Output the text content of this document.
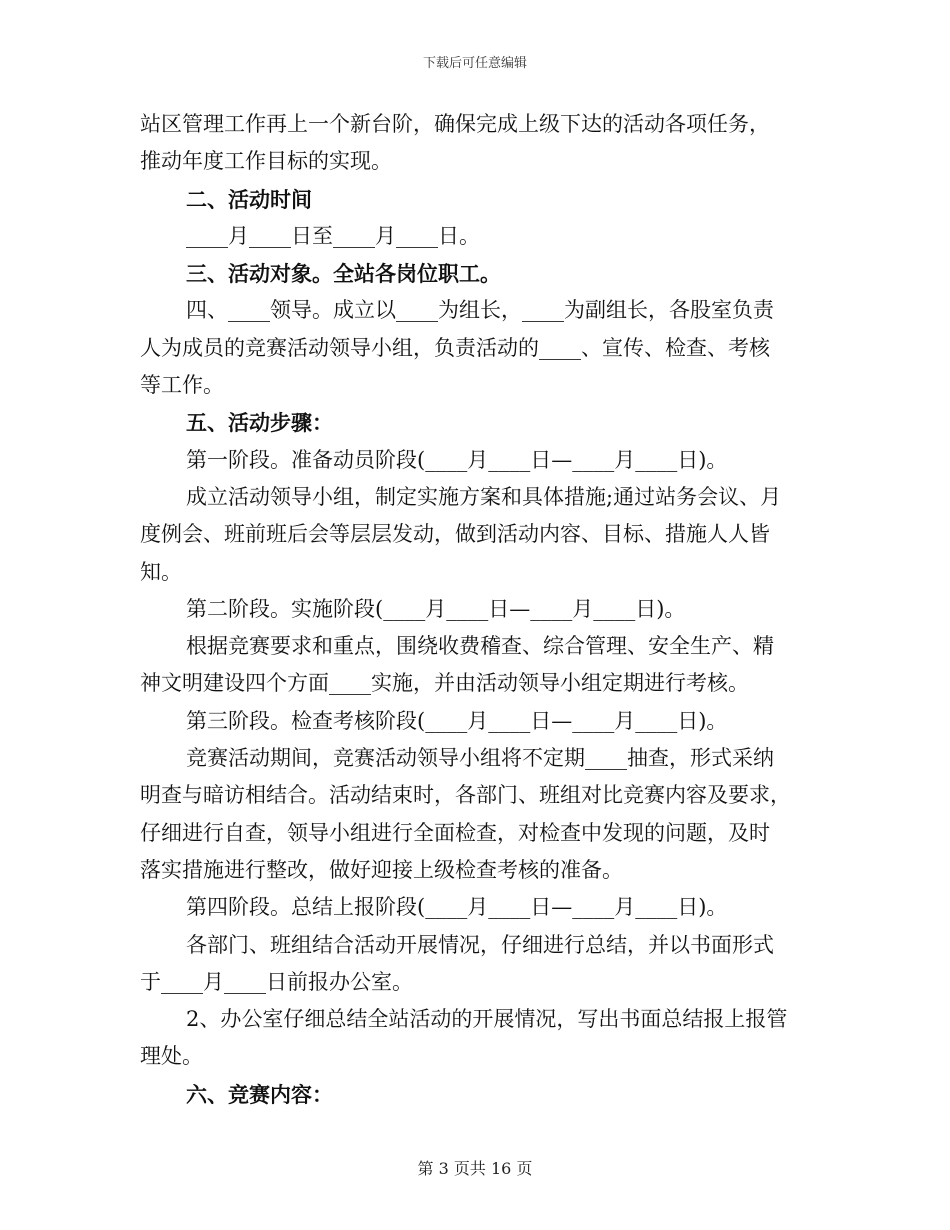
下载后可任意编辑
站区管理工作再上一个新台阶，确保完成上级下达的活动各项任务，
推动年度工作目标的实现。
二、活动时间
____月____日至____月____日。
三、活动对象。全站各岗位职工。
四、____领导。成立以____为组长，____为副组长，各股室负责
人为成员的竞赛活动领导小组，负责活动的____、宣传、检查、考核
等工作。
五、活动步骤：
第一阶段。准备动员阶段(____月____日—____月____日)。
成立活动领导小组，制定实施方案和具体措施;通过站务会议、月
度例会、班前班后会等层层发动，做到活动内容、目标、措施人人皆
知。
第二阶段。实施阶段(____月____日—____月____日)。
根据竞赛要求和重点，围绕收费稽查、综合管理、安全生产、精
神文明建设四个方面____实施，并由活动领导小组定期进行考核。
第三阶段。检查考核阶段(____月____日—____月____日)。
竞赛活动期间，竞赛活动领导小组将不定期____抽查，形式采纳
明查与暗访相结合。活动结束时，各部门、班组对比竞赛内容及要求，
仔细进行自查，领导小组进行全面检查，对检查中发现的问题，及时
落实措施进行整改，做好迎接上级检查考核的准备。
第四阶段。总结上报阶段(____月____日—____月____日)。
各部门、班组结合活动开展情况，仔细进行总结，并以书面形式
于____月____日前报办公室。
2、办公室仔细总结全站活动的开展情况，写出书面总结报上报管
理处。
六、竞赛内容：
第 3 页共 16 页
